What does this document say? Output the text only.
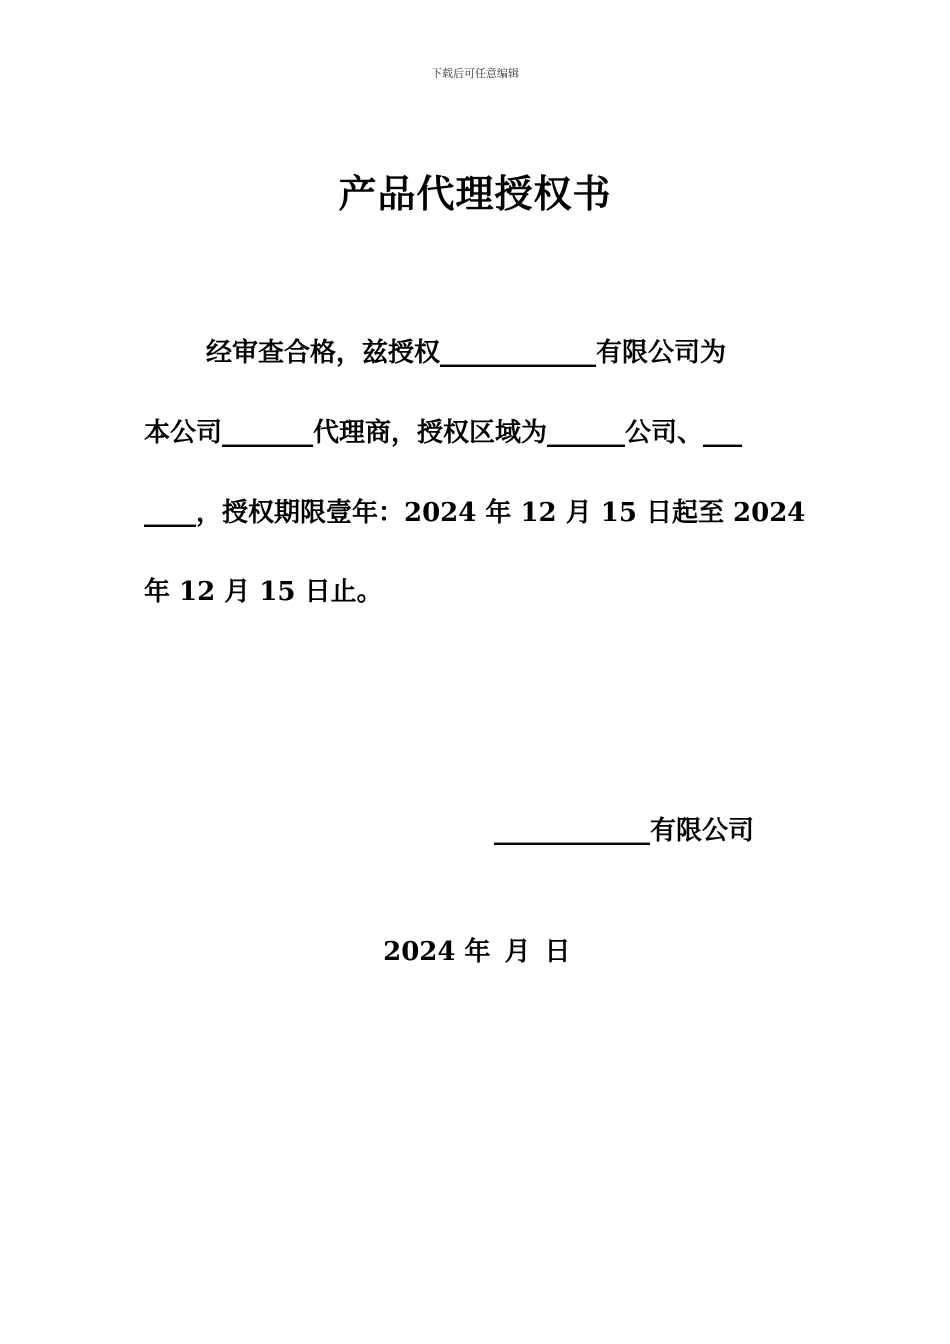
下载后可任意编辑
产品代理授权书
经审查合格，兹授权____________有限公司为
本公司_______代理商，授权区域为______公司、___
____，授权期限壹年：2024 年 12 月 15 日起至 2024
年 12 月 15 日止。
____________有限公司

2024 年 月 日
